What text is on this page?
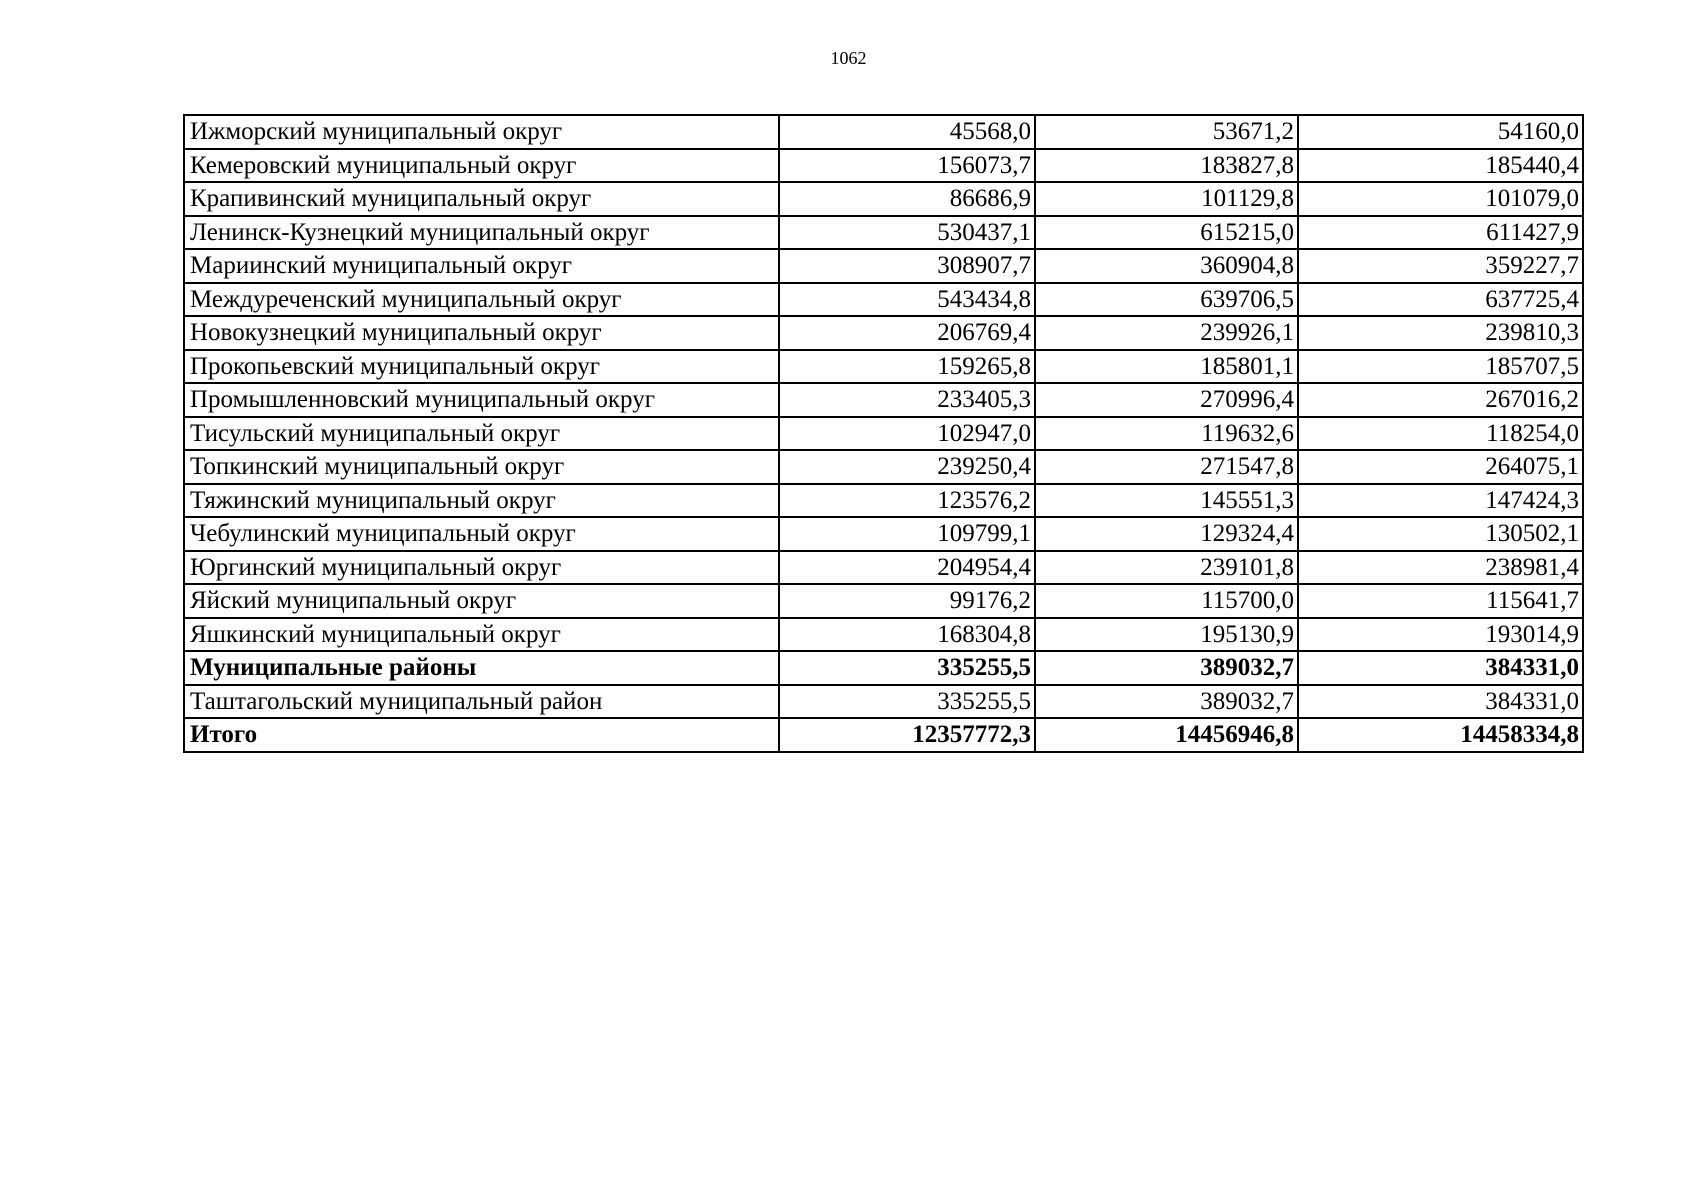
1062
Ижморский муниципальный округ	45568,0	53671,2	54160,0
Кемеровский муниципальный округ	156073,7	183827,8	185440,4
Крапивинский муниципальный округ	86686,9	101129,8	101079,0
Ленинск-Кузнецкий муниципальный округ	530437,1	615215,0	611427,9
Мариинский муниципальный округ	308907,7	360904,8	359227,7
Междуреченский муниципальный округ	543434,8	639706,5	637725,4
Новокузнецкий муниципальный округ	206769,4	239926,1	239810,3
Прокопьевский муниципальный округ	159265,8	185801,1	185707,5
Промышленновский муниципальный округ	233405,3	270996,4	267016,2
Тисульский муниципальный округ	102947,0	119632,6	118254,0
Топкинский муниципальный округ	239250,4	271547,8	264075,1
Тяжинский муниципальный округ	123576,2	145551,3	147424,3
Чебулинский муниципальный округ	109799,1	129324,4	130502,1
Юргинский муниципальный округ	204954,4	239101,8	238981,4
Яйский муниципальный округ	99176,2	115700,0	115641,7
Яшкинский муниципальный округ	168304,8	195130,9	193014,9
Муниципальные районы	335255,5	389032,7	384331,0
Таштагольский муниципальный район	335255,5	389032,7	384331,0
Итого	12357772,3	14456946,8	14458334,8
